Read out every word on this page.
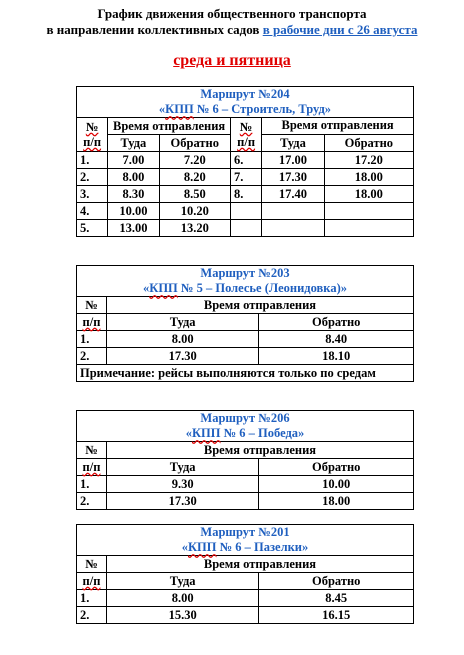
График движения общественного транспорта
в направлении коллективных садов в рабочие дни с 26 августа
среда и пятница
Маршрут №204
«КПП № 6 – Строитель, Труд»					

№ п/п	Время отправления		№ п/п	Время отправления	
	Туда	Обратно		Туда	Обратно
1.	7.00	7.20	6.	17.00	17.20
2.	8.00	8.20	7.	17.30	18.00
3.	8.30	8.50	8.	17.40	18.00
4.	10.00	10.20			
5.	13.00	13.20			
Маршрут №203
«КПП № 5 – Полесье (Леонидовка)»		

№	Время отправления	
п/п	Туда	Обратно
1.	8.00	8.40
2.	17.30	18.10
Примечание: рейсы выполняются только по средам		
Маршрут №206
«КПП № 6 – Победа»		

№	Время отправления	
п/п	Туда	Обратно
1.	9.30	10.00
2.	17.30	18.00
Маршрут №201
«КПП № 6 – Пазелки»		

№	Время отправления	
п/п	Туда	Обратно
1.	8.00	8.45
2.	15.30	16.15
